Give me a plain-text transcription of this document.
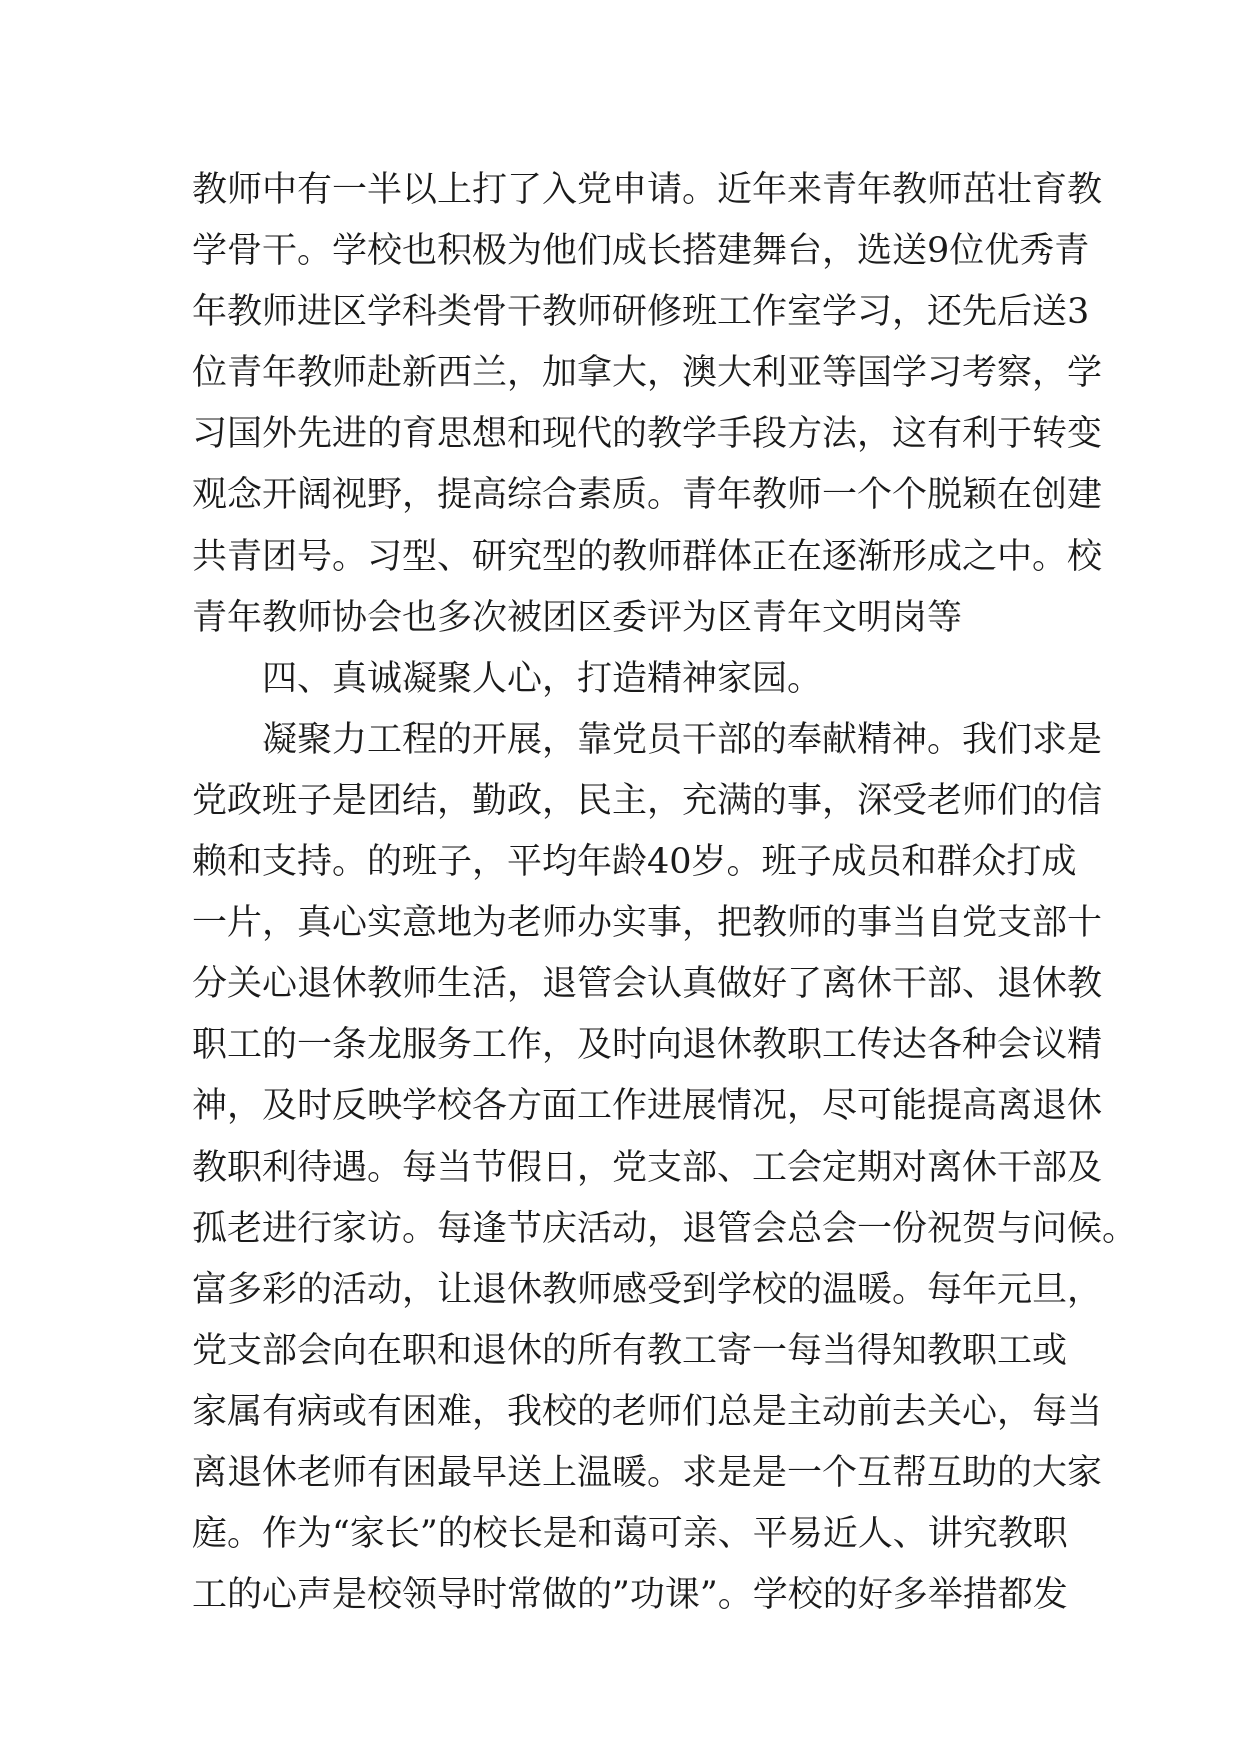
教师中有一半以上打了入党申请。近年来青年教师茁壮育教
学骨干。学校也积极为他们成长搭建舞台，选送9位优秀青
年教师进区学科类骨干教师研修班工作室学习，还先后送3
位青年教师赴新西兰，加拿大，澳大利亚等国学习考察，学
习国外先进的育思想和现代的教学手段方法，这有利于转变
观念开阔视野，提高综合素质。青年教师一个个脱颖在创建
共青团号。习型、研究型的教师群体正在逐渐形成之中。校
青年教师协会也多次被团区委评为区青年文明岗等
四、真诚凝聚人心，打造精神家园。
凝聚力工程的开展，靠党员干部的奉献精神。我们求是
党政班子是团结，勤政，民主，充满的事，深受老师们的信
赖和支持。的班子，平均年龄40岁。班子成员和群众打成
一片，真心实意地为老师办实事，把教师的事当自党支部十
分关心退休教师生活，退管会认真做好了离休干部、退休教
职工的一条龙服务工作，及时向退休教职工传达各种会议精
神，及时反映学校各方面工作进展情况，尽可能提高离退休
教职利待遇。每当节假日，党支部、工会定期对离休干部及
孤老进行家访。每逢节庆活动，退管会总会一份祝贺与问候。
富多彩的活动，让退休教师感受到学校的温暖。每年元旦，
党支部会向在职和退休的所有教工寄一每当得知教职工或
家属有病或有困难，我校的老师们总是主动前去关心，每当
离退休老师有困最早送上温暖。求是是一个互帮互助的大家
庭。作为“家长”的校长是和蔼可亲、平易近人、讲究教职
工的心声是校领导时常做的”功课”。学校的好多举措都发
